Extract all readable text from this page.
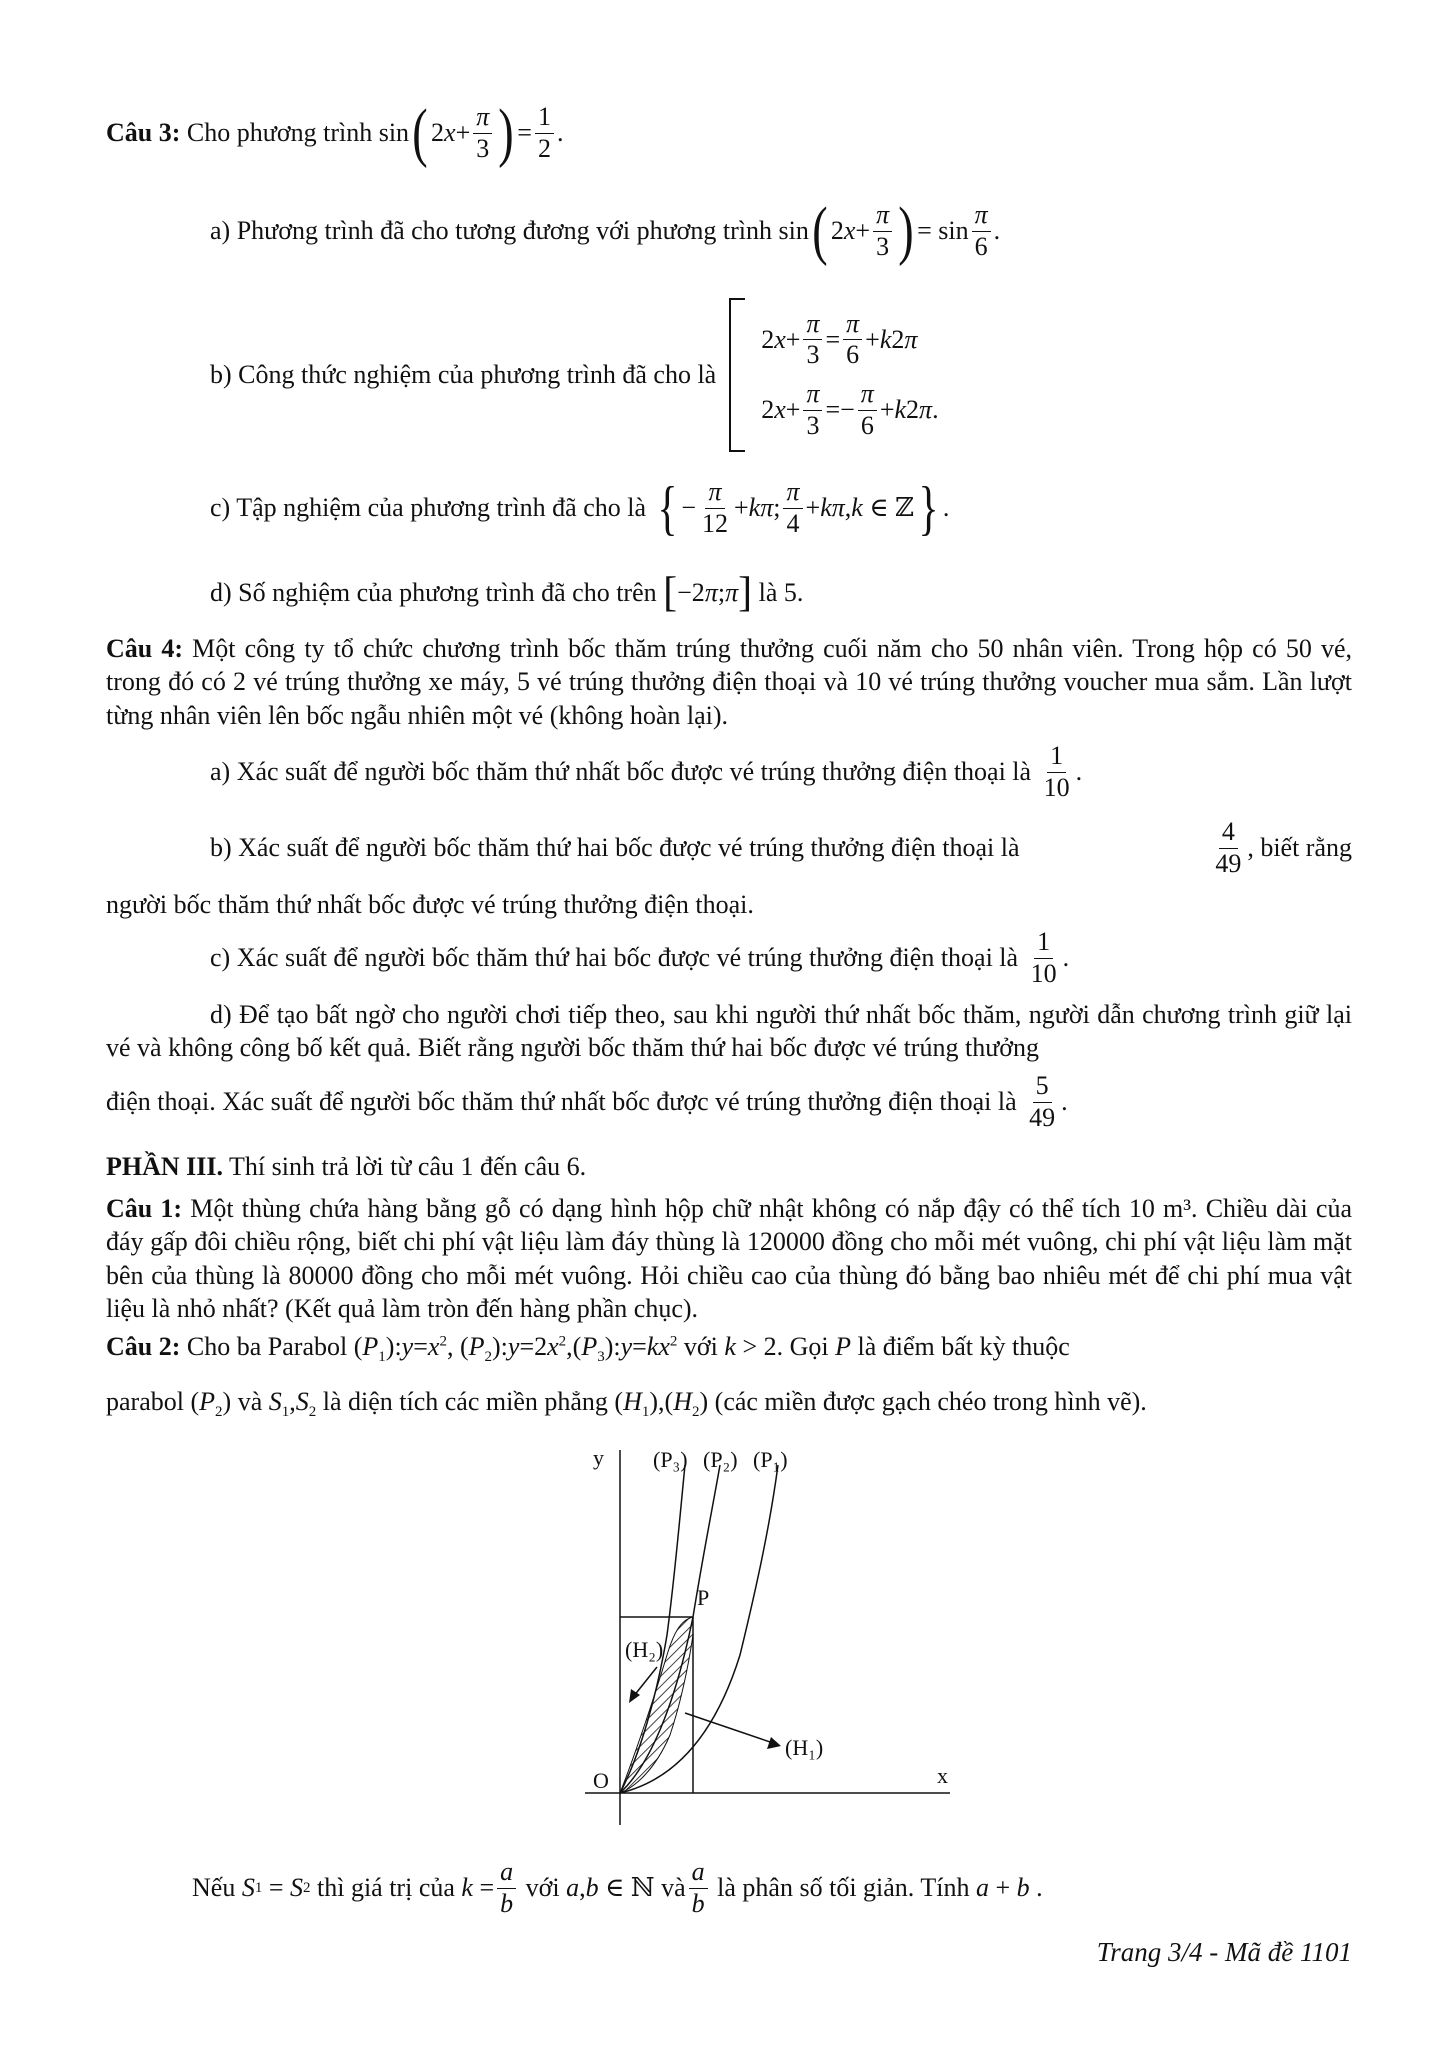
Câu 3:
Cho phương trình
sin ( 2 $x + \frac{\pi}{3}$ ) = $\frac{1}{2}$ .
a) Phương trình đã cho tương đương với phương trình
sin ( 2 $x + \frac{\pi}{3}$ ) = $\sin \frac{\pi}{6}$ .
b) Công thức nghiệm của phương trình đã cho là

2 $x + \frac{\pi}{3} = \frac{\pi}{6} + k$ 2 π
2 $x + \frac{\pi}{3} =- \frac{\pi}{6} + k$ 2 π .
c) Tập nghiệm của phương trình đã cho là
{ − $\frac{\pi}{12} + k\pi$ ; $\frac{\pi}{4} + k\pi$ , k ∈ ℤ } .
d) Số nghiệm của phương trình đã cho trên
[ −2 π ; π ]
là 5.
Câu 4: Một công ty tổ chức chương trình bốc thăm trúng thưởng cuối năm cho 50 nhân viên. Trong hộp có 50 vé, trong đó có 2 vé trúng thưởng xe máy, 5 vé trúng thưởng điện thoại và 10 vé trúng thưởng voucher mua sắm. Lần lượt từng nhân viên lên bốc ngẫu nhiên một vé (không hoàn lại).
a) Xác suất để người bốc thăm thứ nhất bốc được vé trúng thưởng điện thoại là
$\frac{1}{10}$ .
b) Xác suất để người bốc thăm thứ hai bốc được vé trúng thưởng điện thoại là	$\frac{4}{49}$ , biết rằng
người bốc thăm thứ nhất bốc được vé trúng thưởng điện thoại.
c) Xác suất để người bốc thăm thứ hai bốc được vé trúng thưởng điện thoại là
$\frac{1}{10}$ .
d) Để tạo bất ngờ cho người chơi tiếp theo, sau khi người thứ nhất bốc thăm, người dẫn chương trình giữ lại vé và không công bố kết quả. Biết rằng người bốc thăm thứ hai bốc được vé trúng thưởng
điện thoại. Xác suất để người bốc thăm thứ nhất bốc được vé trúng thưởng điện thoại là
$\frac{5}{49}$ .
PHẦN III. Thí sinh trả lời từ câu 1 đến câu 6.
Câu 1: Một thùng chứa hàng bằng gỗ có dạng hình hộp chữ nhật không có nắp đậy có thể tích 10 m³. Chiều dài của đáy gấp đôi chiều rộng, biết chi phí vật liệu làm đáy thùng là 120000 đồng cho mỗi mét vuông, chi phí vật liệu làm mặt bên của thùng là 80000 đồng cho mỗi mét vuông. Hỏi chiều cao của thùng đó bằng bao nhiêu mét để chi phí mua vật liệu là nhỏ nhất? (Kết quả làm tròn đến hàng phần chục).
Câu 2: Cho ba Parabol $(P_1):y=x^2$, $(P_2):y=2x^2,(P_3):y=kx^2$ với k > 2. Gọi P là điểm bất kỳ thuộc
parabol $(P_2)$ và $S_1,S_2$ là diện tích các miền phẳng $(H_1),(H_2)$ (các miền được gạch chéo trong hình vẽ).
y
x
O
(P₃) (P₂) (P₁)
P
(H₂)
(H₁)
Nếu
S 1 = S 2
thì giá trị của
$k = \frac{a}{b}$
với
a , b ∈ ℕ và $\frac{a}{b}$
là phân số tối giản. Tính
a + b .
Trang 3/4 - Mã đề 1101
